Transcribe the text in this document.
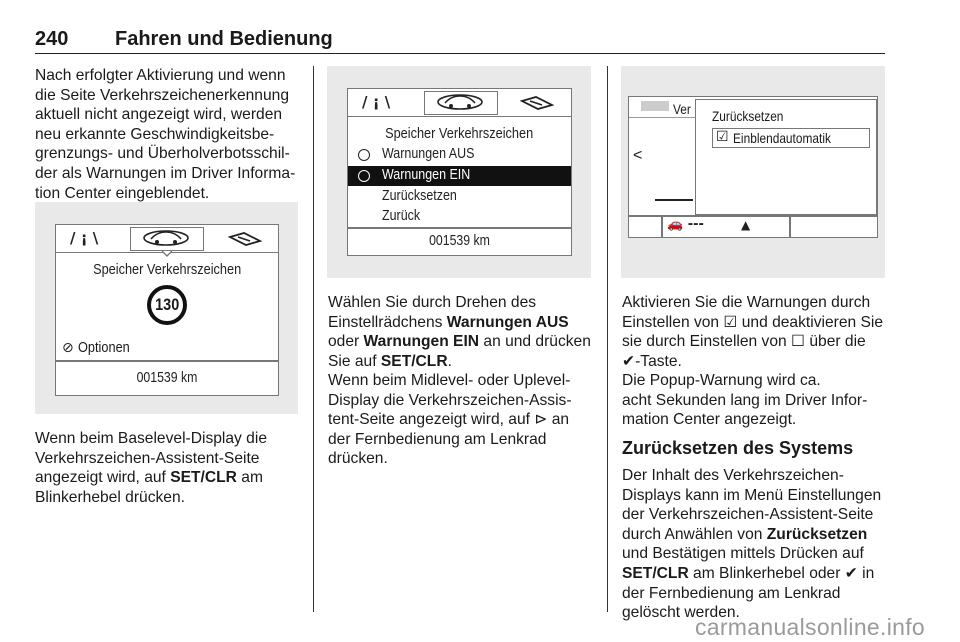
240 Fahren und Bedienung
Nach erfolgter Aktivierung und wenn
die Seite Verkehrszeichenerkennung
aktuell nicht angezeigt wird, werden
neu erkannte Geschwindigkeitsbe-
grenzungs- und Überholverbotsschil-
der als Warnungen im Driver Informa-
tion Center eingeblendet.
/ ¡ \
Speicher Verkehrszeichen
130
⊘ Optionen
001539 km
Wenn beim Baselevel-Display die
Verkehrszeichen-Assistent-Seite
angezeigt wird, auf SET/CLR am
Blinkerhebel drücken.
/ ¡ \
Speicher Verkehrszeichen
Warnungen AUS
Warnungen EIN
Zurücksetzen
Zurück
001539 km
Wählen Sie durch Drehen des
Einstellrädchens Warnungen AUS
oder Warnungen EIN an und drücken
Sie auf SET/CLR.
Wenn beim Midlevel- oder Uplevel-
Display die Verkehrszeichen-Assis-
tent-Seite angezeigt wird, auf ⊳ an
der Fernbedienung am Lenkrad
drücken.
Ver
<
🚗 ---	▲
Zurücksetzen
☑ Einblendautomatik
Aktivieren Sie die Warnungen durch
Einstellen von ☑ und deaktivieren Sie
sie durch Einstellen von ☐ über die
✔-Taste.
Die Popup-Warnung wird ca.
acht Sekunden lang im Driver Infor-
mation Center angezeigt.
Zurücksetzen des Systems
Der Inhalt des Verkehrszeichen-
Displays kann im Menü Einstellungen
der Verkehrszeichen-Assistent-Seite
durch Anwählen von Zurücksetzen
und Bestätigen mittels Drücken auf
SET/CLR am Blinkerhebel oder ✔ in
der Fernbedienung am Lenkrad
gelöscht werden.
carmanualsonline.info
